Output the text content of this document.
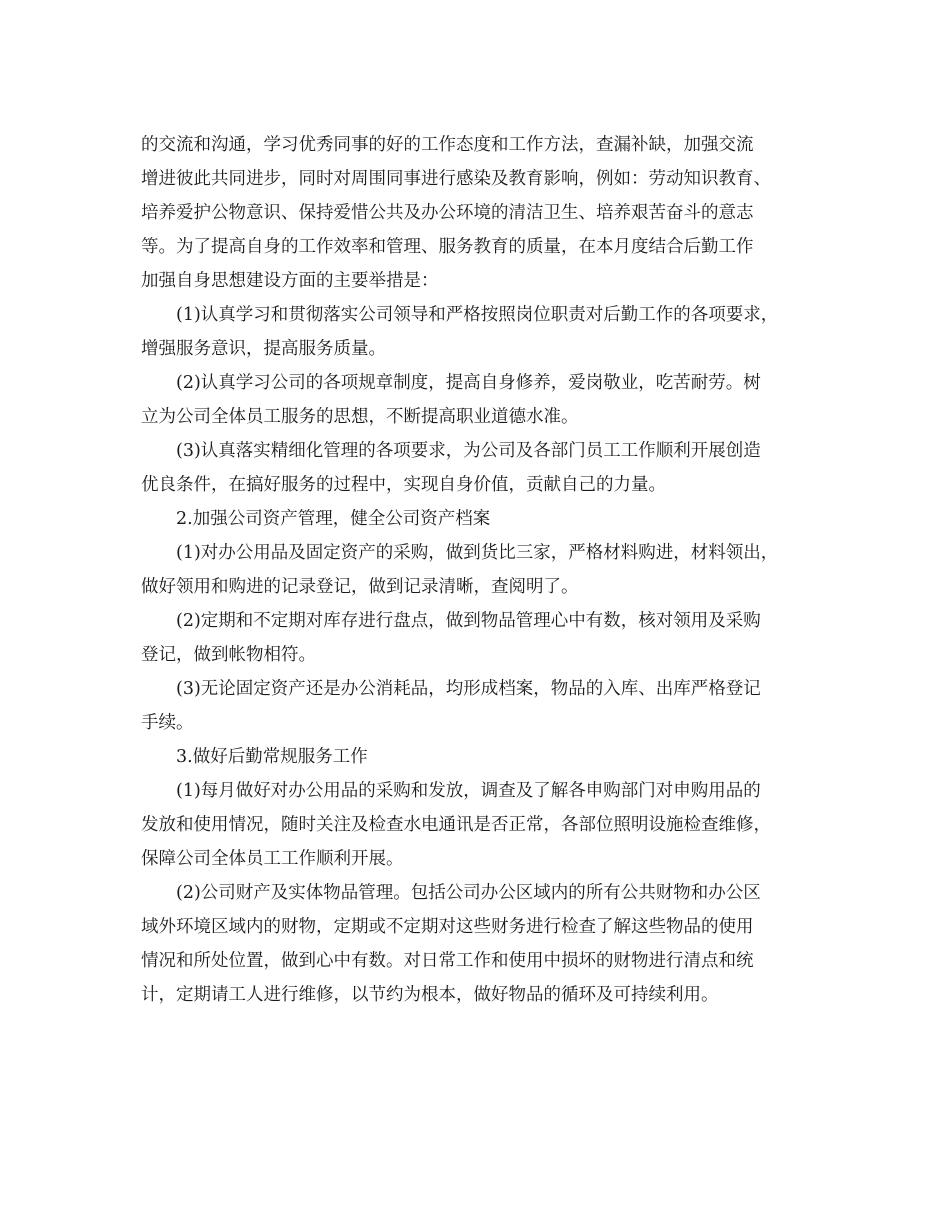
的交流和沟通，学习优秀同事的好的工作态度和工作方法，查漏补缺，加强交流
增进彼此共同进步，同时对周围同事进行感染及教育影响，例如：劳动知识教育、
培养爱护公物意识、保持爱惜公共及办公环境的清洁卫生、培养艰苦奋斗的意志
等。为了提高自身的工作效率和管理、服务教育的质量，在本月度结合后勤工作
加强自身思想建设方面的主要举措是：
(1)认真学习和贯彻落实公司领导和严格按照岗位职责对后勤工作的各项要求，
增强服务意识，提高服务质量。
(2)认真学习公司的各项规章制度，提高自身修养，爱岗敬业，吃苦耐劳。树
立为公司全体员工服务的思想，不断提高职业道德水准。
(3)认真落实精细化管理的各项要求，为公司及各部门员工工作顺利开展创造
优良条件，在搞好服务的过程中，实现自身价值，贡献自己的力量。
2.加强公司资产管理，健全公司资产档案
(1)对办公用品及固定资产的采购，做到货比三家，严格材料购进，材料领出，
做好领用和购进的记录登记，做到记录清晰，查阅明了。
(2)定期和不定期对库存进行盘点，做到物品管理心中有数，核对领用及采购
登记，做到帐物相符。
(3)无论固定资产还是办公消耗品，均形成档案，物品的入库、出库严格登记
手续。
3.做好后勤常规服务工作
(1)每月做好对办公用品的采购和发放，调查及了解各申购部门对申购用品的
发放和使用情况，随时关注及检查水电通讯是否正常，各部位照明设施检查维修，
保障公司全体员工工作顺利开展。
(2)公司财产及实体物品管理。包括公司办公区域内的所有公共财物和办公区
域外环境区域内的财物，定期或不定期对这些财务进行检查了解这些物品的使用
情况和所处位置，做到心中有数。对日常工作和使用中损坏的财物进行清点和统
计，定期请工人进行维修，以节约为根本，做好物品的循环及可持续利用。
